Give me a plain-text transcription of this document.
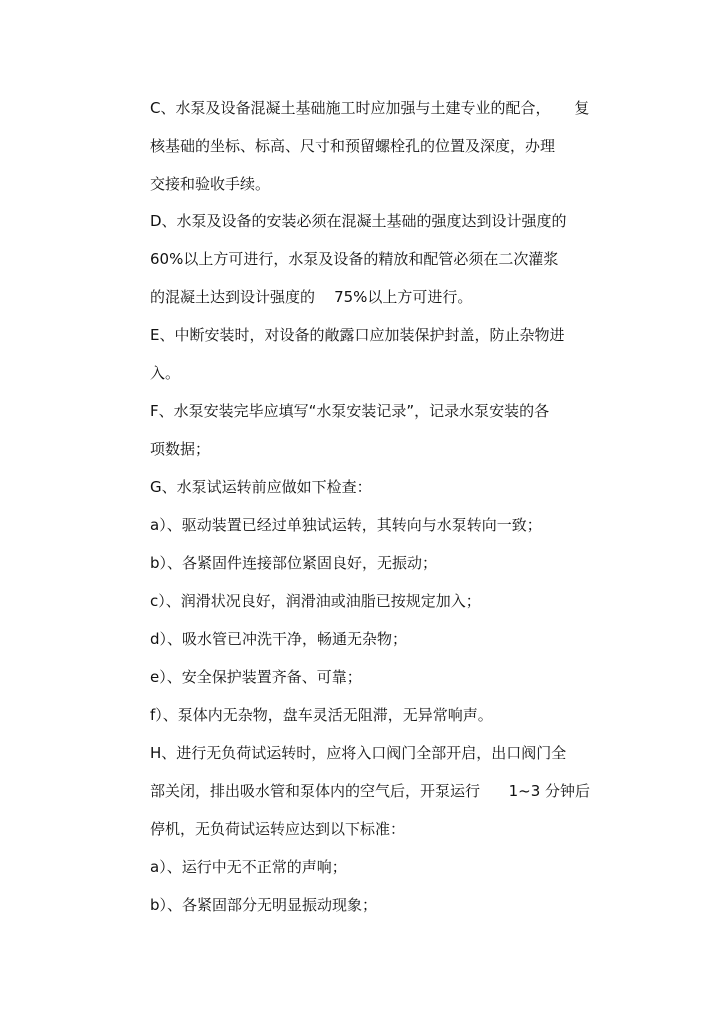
C、水泵及设备混凝土基础施工时应加强与土建专业的配合，     复
核基础的坐标、标高、尺寸和预留螺栓孔的位置及深度，办理
交接和验收手续。
D、水泵及设备的安装必须在混凝土基础的强度达到设计强度的
60%以上方可进行，水泵及设备的精放和配管必须在二次灌浆
的混凝土达到设计强度的    75%以上方可进行。
E、中断安装时，对设备的敞露口应加装保护封盖，防止杂物进
入。
F、水泵安装完毕应填写“水泵安装记录”，记录水泵安装的各
项数据；
G、水泵试运转前应做如下检查：
a）、驱动装置已经过单独试运转，其转向与水泵转向一致；
b）、各紧固件连接部位紧固良好，无振动；
c）、润滑状况良好，润滑油或油脂已按规定加入；
d）、吸水管已冲洗干净，畅通无杂物；
e）、安全保护装置齐备、可靠；
f）、泵体内无杂物，盘车灵活无阻滞，无异常响声。
H、进行无负荷试运转时，应将入口阀门全部开启，出口阀门全
部关闭，排出吸水管和泵体内的空气后，开泵运行      1~3 分钟后
停机，无负荷试运转应达到以下标准：
a）、运行中无不正常的声响；
b）、各紧固部分无明显振动现象；
